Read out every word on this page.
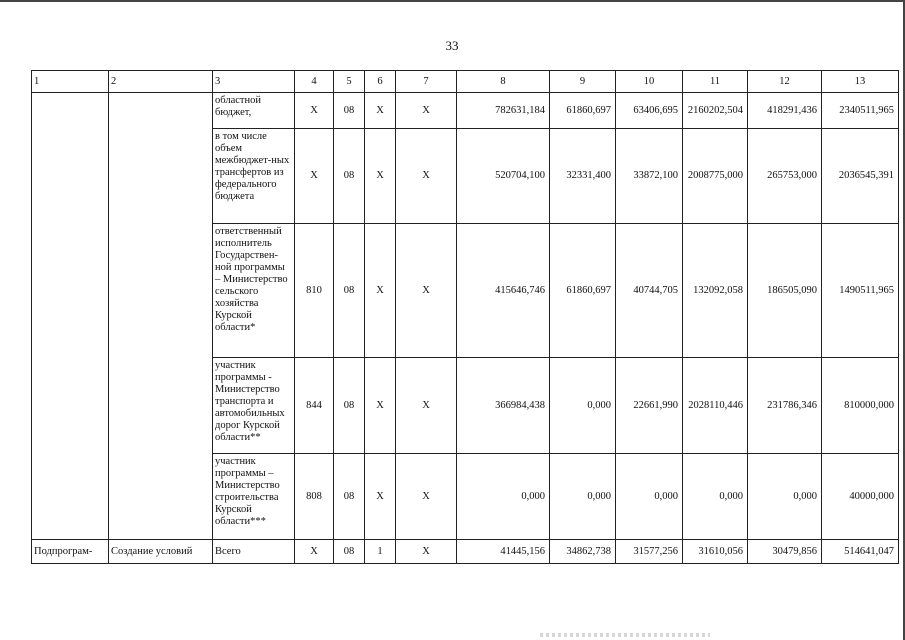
33
1	2	3	4	5	6	7	8	9	10	11	12	13
		областной бюджет,	Х	08	Х	Х	782631,184	61860,697	63406,695	2160202,504	418291,436	2340511,965
		в том числе объем межбюджет-ных трансфертов из федерального бюджета	Х	08	Х	Х	520704,100	32331,400	33872,100	2008775,000	265753,000	2036545,391
		ответственный исполнитель Государствен-ной программы – Министерство сельского хозяйства Курской области*	810	08	Х	Х	415646,746	61860,697	40744,705	132092,058	186505,090	1490511,965
		участник программы - Министерство транспорта и автомобильных дорог Курской области**	844	08	Х	Х	366984,438	0,000	22661,990	2028110,446	231786,346	810000,000
		участник программы – Министерство строительства Курской области***	808	08	Х	Х	0,000	0,000	0,000	0,000	0,000	40000,000
Подпрограм-	Создание условий	Всего	Х	08	1	Х	41445,156	34862,738	31577,256	31610,056	30479,856	514641,047
